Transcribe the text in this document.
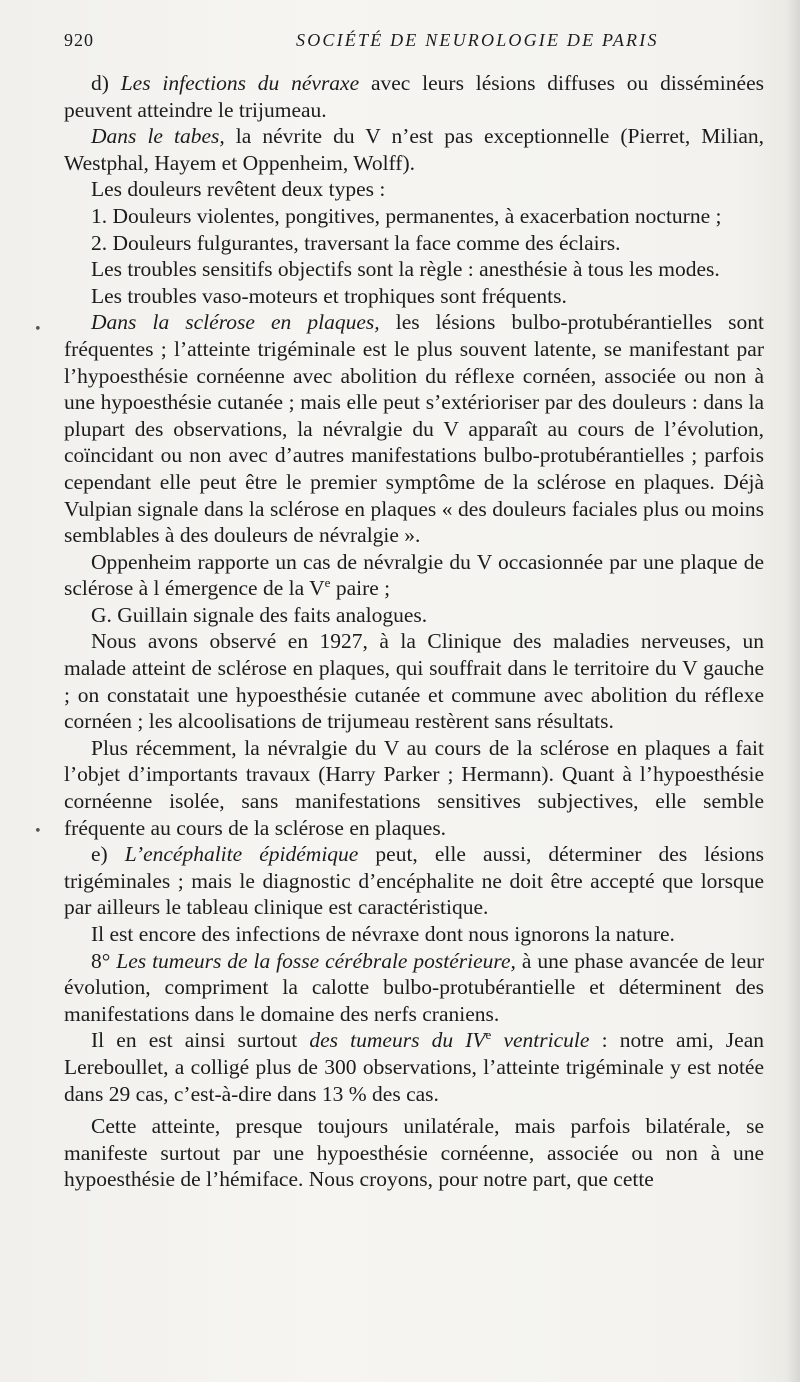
920	SOCIÉTÉ DE NEUROLOGIE DE PARIS
•
•

d) Les infections du névraxe avec leurs lésions diffuses ou disséminées peuvent atteindre le trijumeau.

Dans le tabes, la névrite du V n’est pas exceptionnelle (Pierret, Milian, Westphal, Hayem et Oppenheim, Wolff).

Les douleurs revêtent deux types :

1. Douleurs violentes, pongitives, permanentes, à exacerbation nocturne ;

2. Douleurs fulgurantes, traversant la face comme des éclairs.

Les troubles sensitifs objectifs sont la règle : anesthésie à tous les modes.

Les troubles vaso-moteurs et trophiques sont fréquents.

Dans la sclérose en plaques, les lésions bulbo-protubérantielles sont fréquentes ; l’atteinte trigéminale est le plus souvent latente, se manifestant par l’hypoesthésie cornéenne avec abolition du réflexe cornéen, associée ou non à une hypoesthésie cutanée ; mais elle peut s’extérioriser par des douleurs : dans la plupart des observations, la névralgie du V apparaît au cours de l’évolution, coïncidant ou non avec d’autres manifestations bulbo-protubérantielles ; parfois cependant elle peut être le premier symptôme de la sclérose en plaques. Déjà Vulpian signale dans la sclérose en plaques « des douleurs faciales plus ou moins semblables à des douleurs de névralgie ».

Oppenheim rapporte un cas de névralgie du V occasionnée par une plaque de sclérose à l émergence de la Ve paire ;

G. Guillain signale des faits analogues.

Nous avons observé en 1927, à la Clinique des maladies nerveuses, un malade atteint de sclérose en plaques, qui souffrait dans le territoire du V gauche ; on constatait une hypoesthésie cutanée et commune avec abolition du réflexe cornéen ; les alcoolisations de trijumeau restèrent sans résultats.

Plus récemment, la névralgie du V au cours de la sclérose en plaques a fait l’objet d’importants travaux (Harry Parker ; Hermann). Quant à l’hypoesthésie cornéenne isolée, sans manifestations sensitives subjectives, elle semble fréquente au cours de la sclérose en plaques.

e) L’encéphalite épidémique peut, elle aussi, déterminer des lésions trigéminales ; mais le diagnostic d’encéphalite ne doit être accepté que lorsque par ailleurs le tableau clinique est caractéristique.

Il est encore des infections de névraxe dont nous ignorons la nature.

8° Les tumeurs de la fosse cérébrale postérieure, à une phase avancée de leur évolution, compriment la calotte bulbo-protubérantielle et déterminent des manifestations dans le domaine des nerfs craniens.

Il en est ainsi surtout des tumeurs du IVe ventricule : notre ami, Jean Lereboullet, a colligé plus de 300 observations, l’atteinte trigéminale y est notée dans 29 cas, c’est-à-dire dans 13 % des cas.

Cette atteinte, presque toujours unilatérale, mais parfois bilatérale, se manifeste surtout par une hypoesthésie cornéenne, associée ou non à une hypoesthésie de l’hémiface. Nous croyons, pour notre part, que cette
